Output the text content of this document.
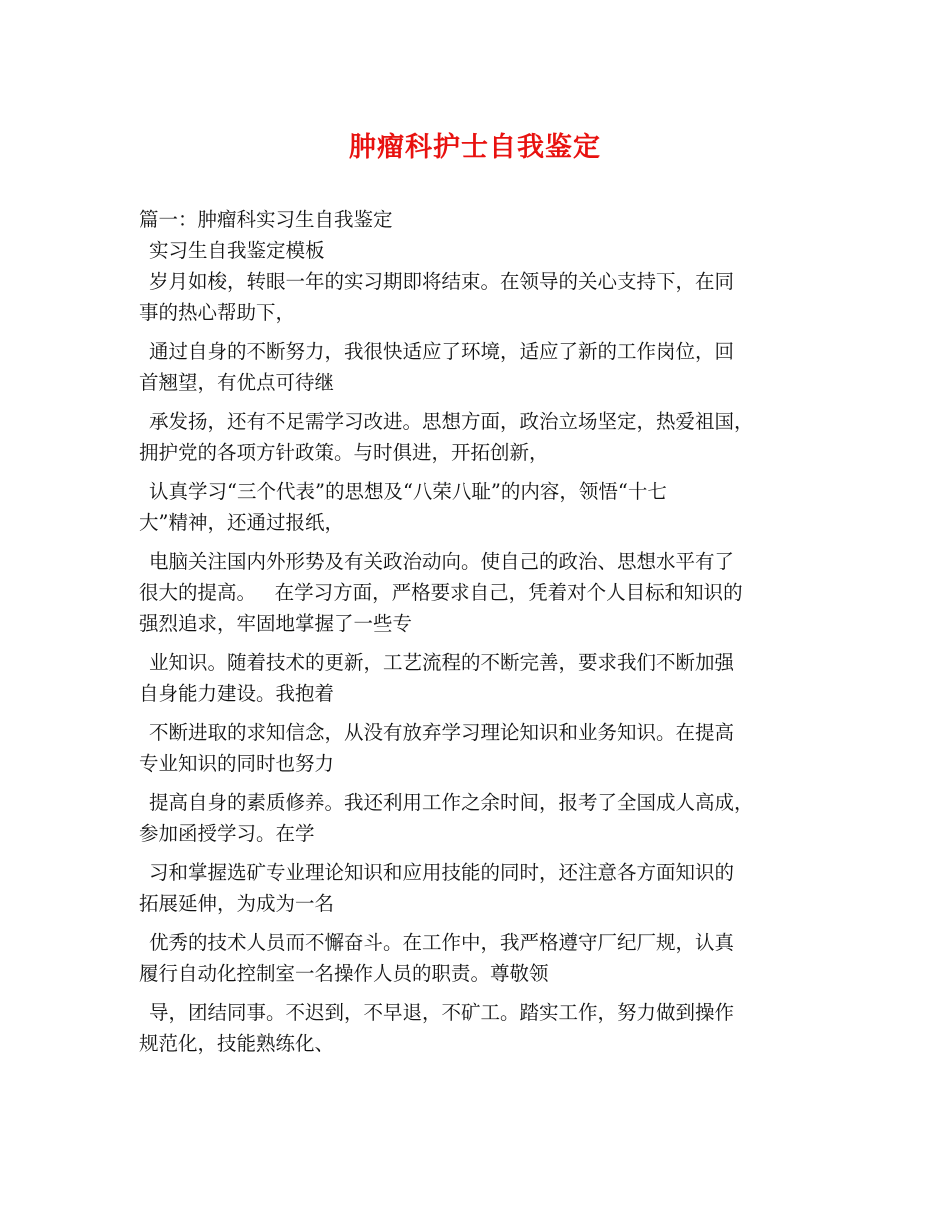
肿瘤科护士自我鉴定
篇一：肿瘤科实习生自我鉴定
实习生自我鉴定模板
岁月如梭，转眼一年的实习期即将结束。在领导的关心支持下，在同
事的热心帮助下，
通过自身的不断努力，我很快适应了环境，适应了新的工作岗位，回
首翘望，有优点可待继
承发扬，还有不足需学习改进。思想方面，政治立场坚定，热爱祖国，
拥护党的各项方针政策。与时俱进，开拓创新，
认真学习“三个代表”的思想及“八荣八耻”的内容，领悟“十七
大”精神，还通过报纸，
电脑关注国内外形势及有关政治动向。使自己的政治、思想水平有了
很大的提高。   在学习方面，严格要求自己，凭着对个人目标和知识的
强烈追求，牢固地掌握了一些专
业知识。随着技术的更新，工艺流程的不断完善，要求我们不断加强
自身能力建设。我抱着
不断进取的求知信念，从没有放弃学习理论知识和业务知识。在提高
专业知识的同时也努力
提高自身的素质修养。我还利用工作之余时间，报考了全国成人高成，
参加函授学习。在学
习和掌握选矿专业理论知识和应用技能的同时，还注意各方面知识的
拓展延伸，为成为一名
优秀的技术人员而不懈奋斗。在工作中，我严格遵守厂纪厂规，认真
履行自动化控制室一名操作人员的职责。尊敬领
导，团结同事。不迟到，不早退，不矿工。踏实工作，努力做到操作
规范化，技能熟练化、
